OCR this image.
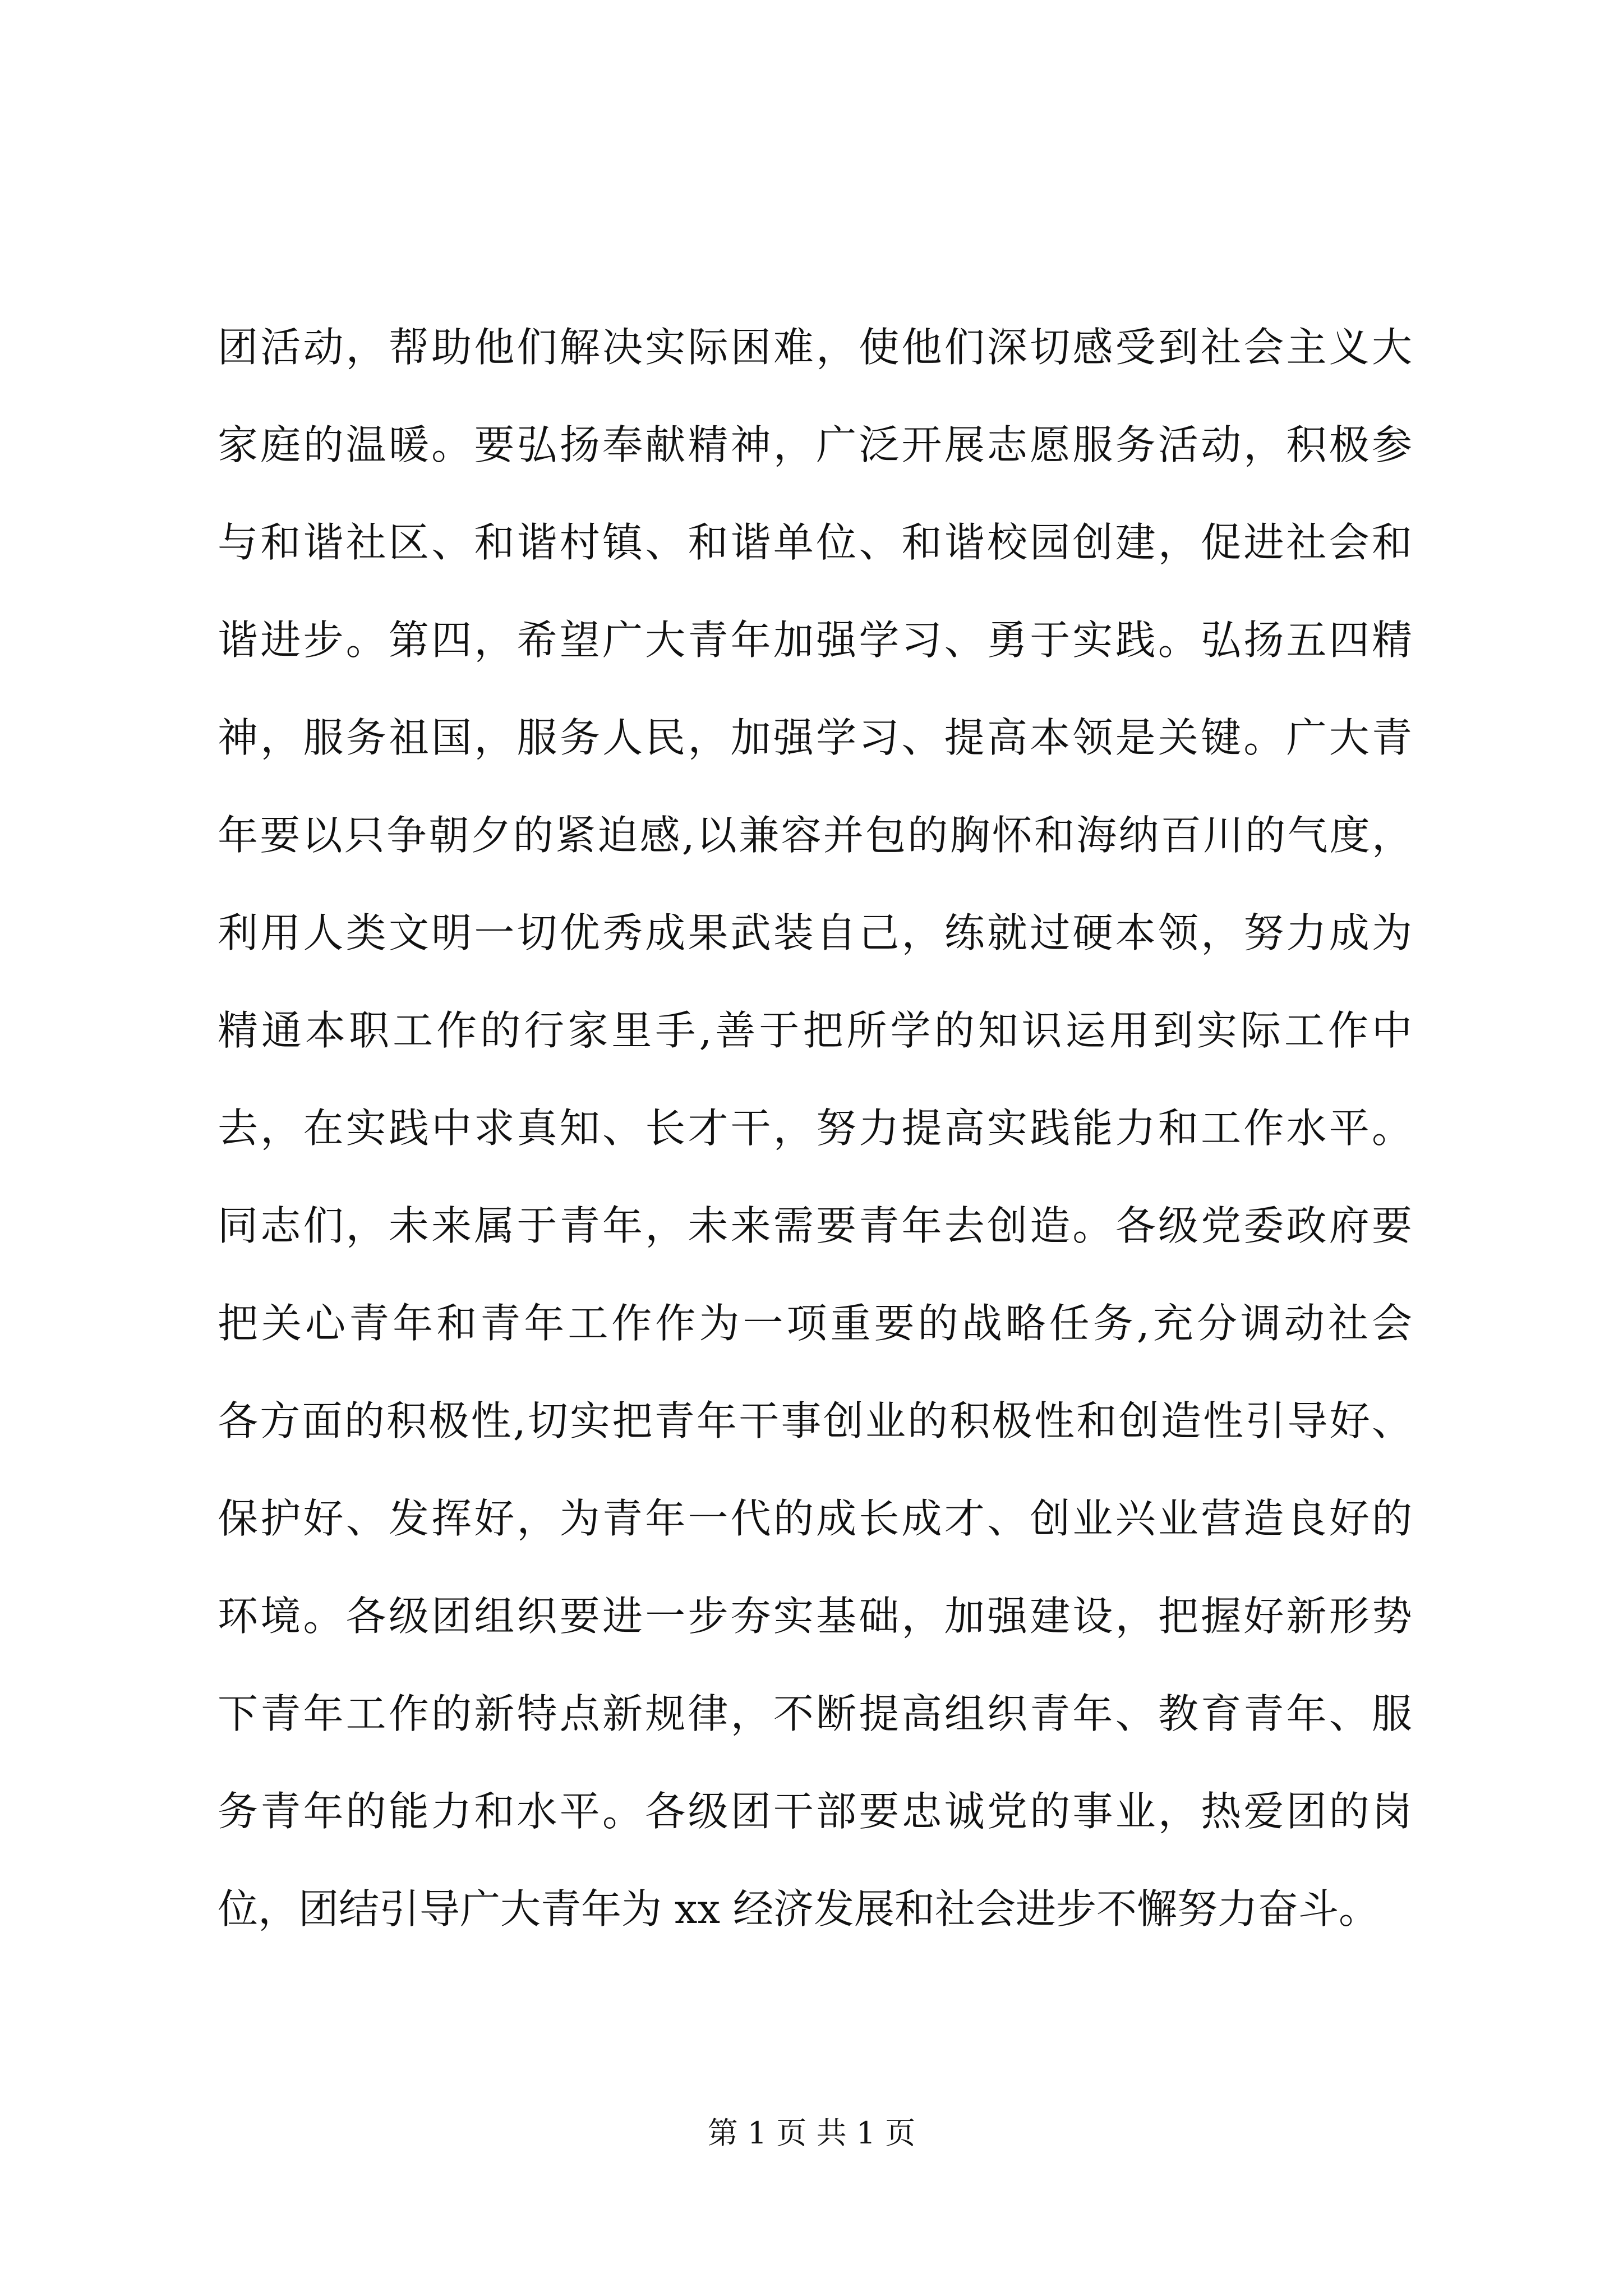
团活动，帮助他们解决实际困难，使他们深切感受到社会主义大
家庭的温暖。要弘扬奉献精神，广泛开展志愿服务活动，积极参
与和谐社区、和谐村镇、和谐单位、和谐校园创建，促进社会和
谐进步。第四，希望广大青年加强学习、勇于实践。弘扬五四精
神，服务祖国，服务人民，加强学习、提高本领是关键。广大青
年要以只争朝夕的紧迫感,以兼容并包的胸怀和海纳百川的气度，
利用人类文明一切优秀成果武装自己，练就过硬本领，努力成为
精通本职工作的行家里手,善于把所学的知识运用到实际工作中
去，在实践中求真知、长才干，努力提高实践能力和工作水平。
同志们，未来属于青年，未来需要青年去创造。各级党委政府要
把关心青年和青年工作作为一项重要的战略任务,充分调动社会
各方面的积极性,切实把青年干事创业的积极性和创造性引导好、
保护好、发挥好，为青年一代的成长成才、创业兴业营造良好的
环境。各级团组织要进一步夯实基础，加强建设，把握好新形势
下青年工作的新特点新规律，不断提高组织青年、教育青年、服
务青年的能力和水平。各级团干部要忠诚党的事业，热爱团的岗
位，团结引导广大青年为 xx 经济发展和社会进步不懈努力奋斗。
第 1 页 共 1 页
